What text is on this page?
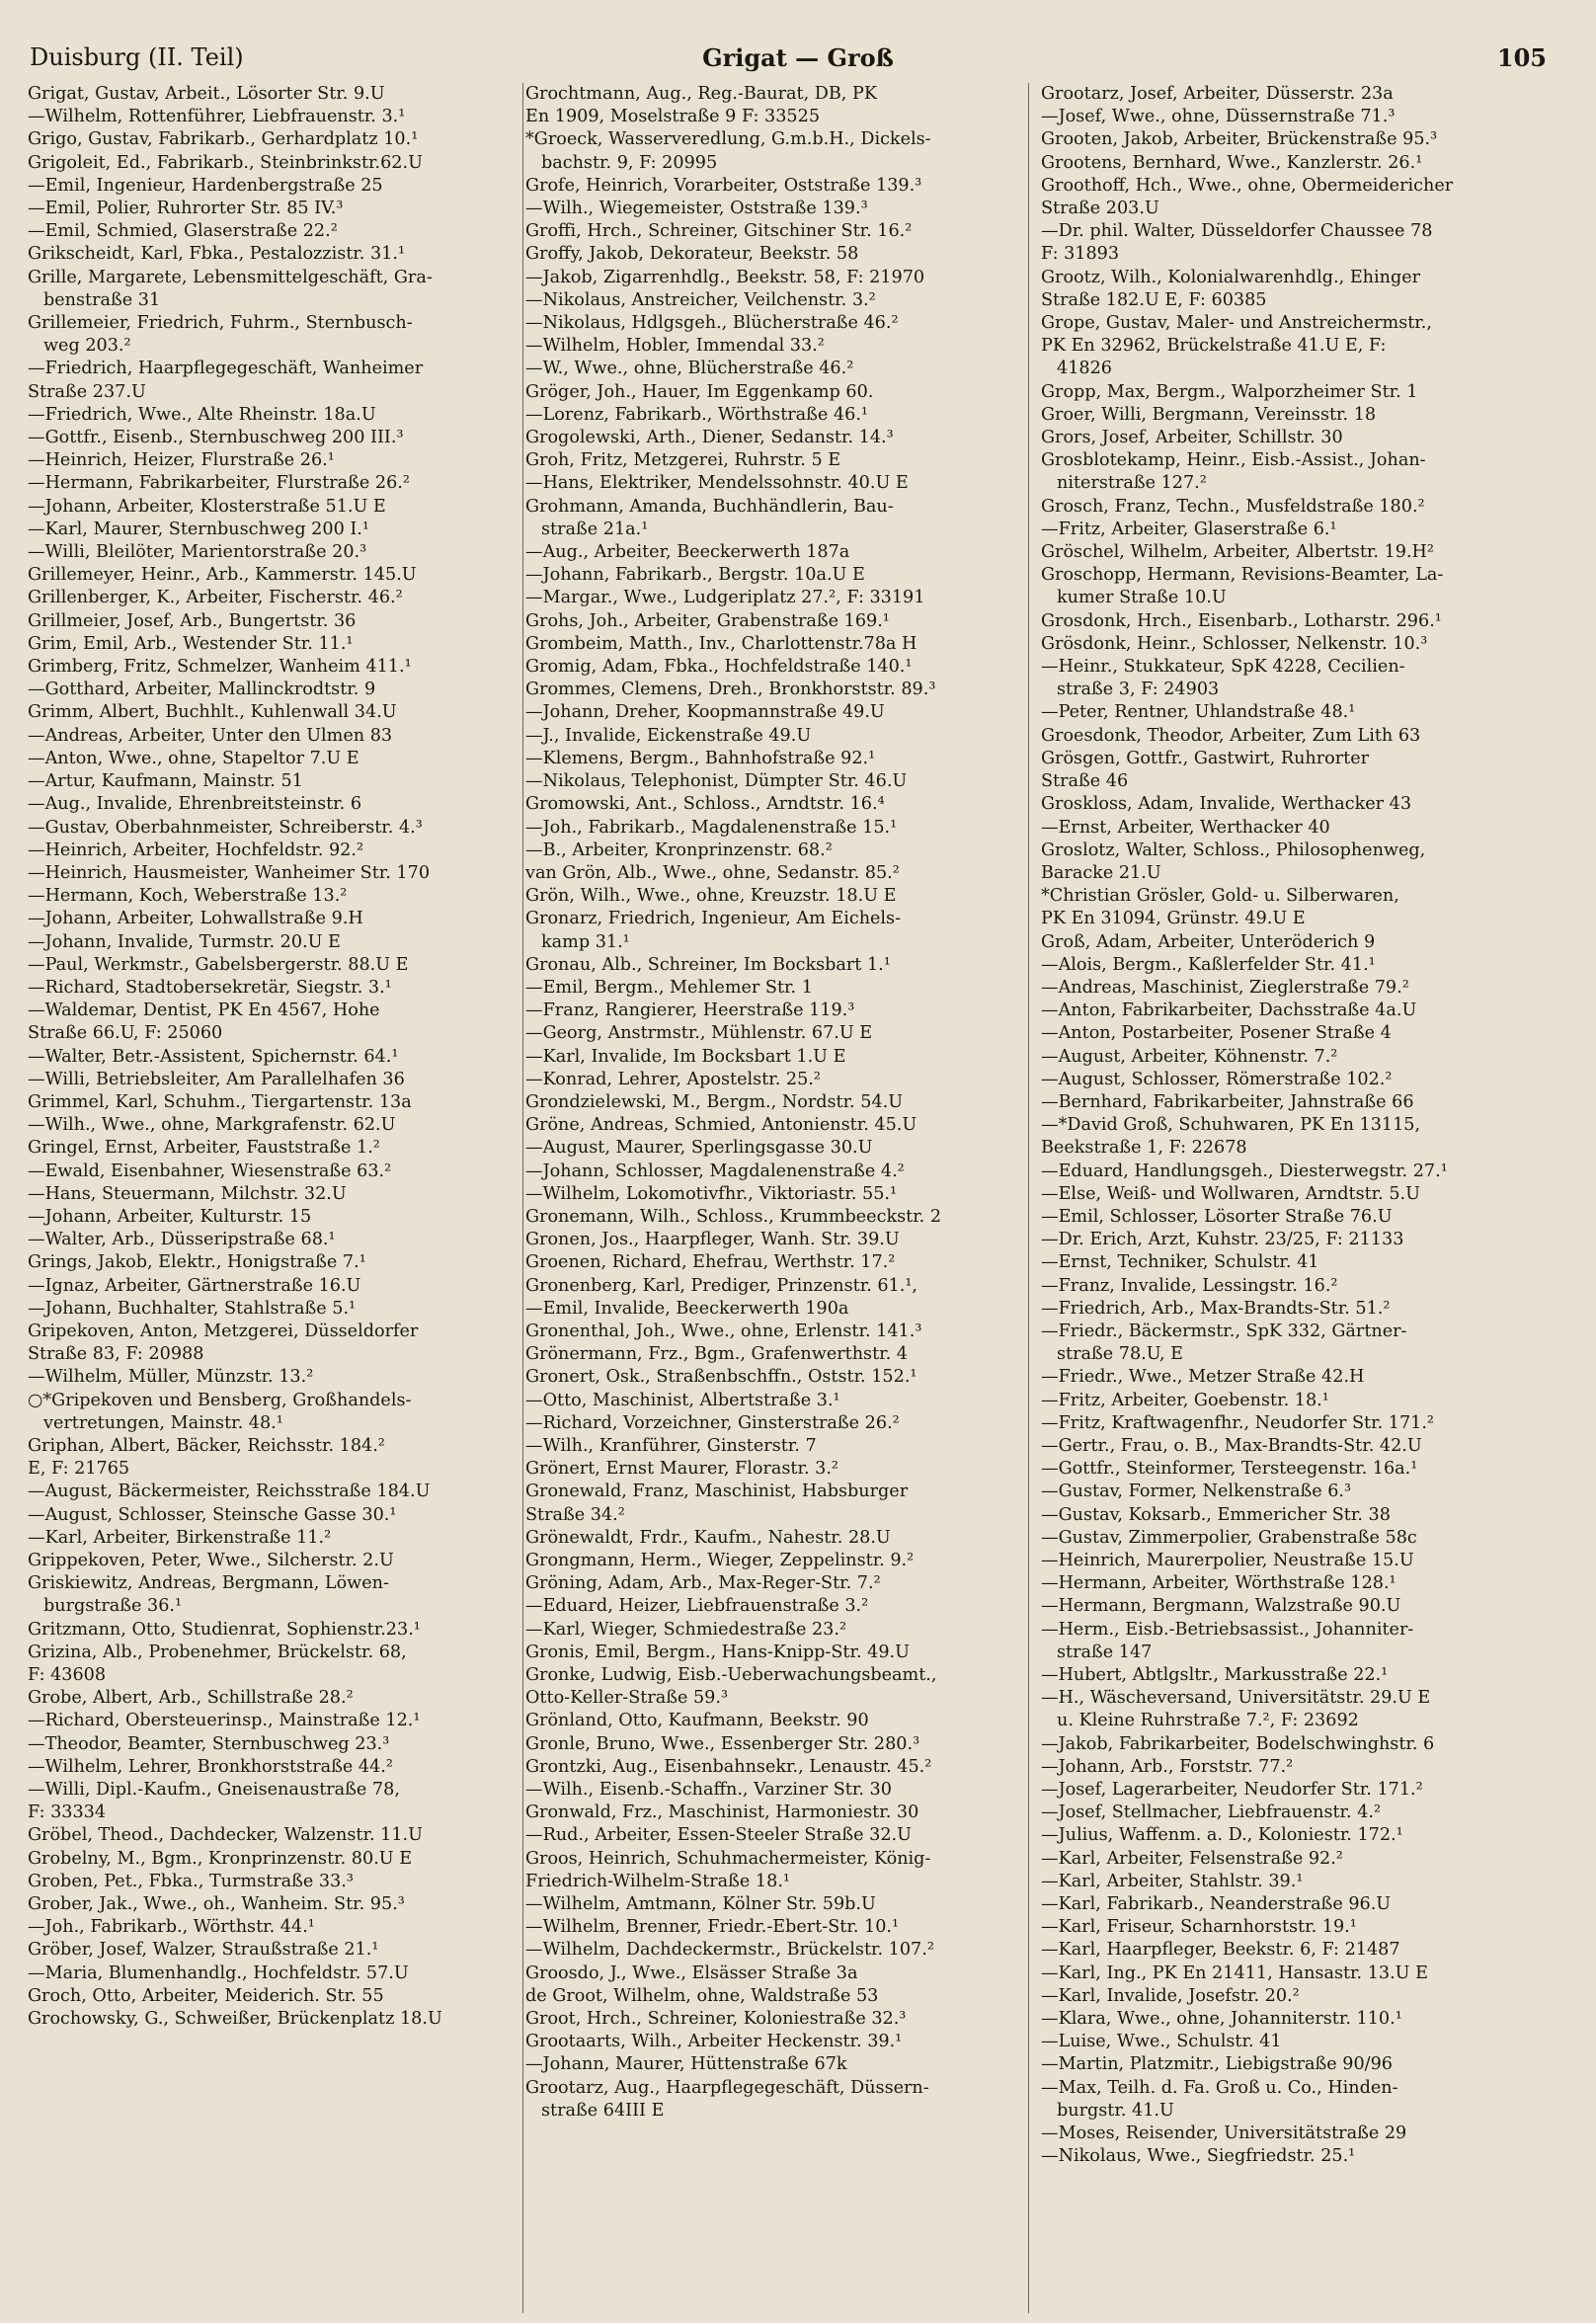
Duisburg (II. Teil)	Grigat — Groß	105
Grigat, Gustav, Arbeit., Lösorter Str. 9.U
—Wilhelm, Rottenführer, Liebfrauenstr. 3.¹
Grigo, Gustav, Fabrikarb., Gerhardplatz 10.¹
Grigoleit, Ed., Fabrikarb., Steinbrinkstr.62.U
—Emil, Ingenieur, Hardenbergstraße 25
—Emil, Polier, Ruhrorter Str. 85 IV.³
—Emil, Schmied, Glaserstraße 22.²
Grikscheidt, Karl, Fbka., Pestalozzistr. 31.¹
Grille, Margarete, Lebensmittelgeschäft, Gra-
benstraße 31
Grillemeier, Friedrich, Fuhrm., Sternbusch-
weg 203.²
—Friedrich, Haarpflegegeschäft, Wanheimer
Straße 237.U
—Friedrich, Wwe., Alte Rheinstr. 18a.U
—Gottfr., Eisenb., Sternbuschweg 200 III.³
—Heinrich, Heizer, Flurstraße 26.¹
—Hermann, Fabrikarbeiter, Flurstraße 26.²
—Johann, Arbeiter, Klosterstraße 51.U E
—Karl, Maurer, Sternbuschweg 200 I.¹
—Willi, Bleilöter, Marientorstraße 20.³
Grillemeyer, Heinr., Arb., Kammerstr. 145.U
Grillenberger, K., Arbeiter, Fischerstr. 46.²
Grillmeier, Josef, Arb., Bungertstr. 36
Grim, Emil, Arb., Westender Str. 11.¹
Grimberg, Fritz, Schmelzer, Wanheim 411.¹
—Gotthard, Arbeiter, Mallinckrodtstr. 9
Grimm, Albert, Buchhlt., Kuhlenwall 34.U
—Andreas, Arbeiter, Unter den Ulmen 83
—Anton, Wwe., ohne, Stapeltor 7.U E
—Artur, Kaufmann, Mainstr. 51
—Aug., Invalide, Ehrenbreitsteinstr. 6
—Gustav, Oberbahnmeister, Schreiberstr. 4.³
—Heinrich, Arbeiter, Hochfeldstr. 92.²
—Heinrich, Hausmeister, Wanheimer Str. 170
—Hermann, Koch, Weberstraße 13.²
—Johann, Arbeiter, Lohwallstraße 9.H
—Johann, Invalide, Turmstr. 20.U E
—Paul, Werkmstr., Gabelsbergerstr. 88.U E
—Richard, Stadtobersekretär, Siegstr. 3.¹
—Waldemar, Dentist, PK En 4567, Hohe
Straße 66.U, F: 25060
—Walter, Betr.-Assistent, Spichernstr. 64.¹
—Willi, Betriebsleiter, Am Parallelhafen 36
Grimmel, Karl, Schuhm., Tiergartenstr. 13a
—Wilh., Wwe., ohne, Markgrafenstr. 62.U
Gringel, Ernst, Arbeiter, Fauststraße 1.²
—Ewald, Eisenbahner, Wiesenstraße 63.²
—Hans, Steuermann, Milchstr. 32.U
—Johann, Arbeiter, Kulturstr. 15
—Walter, Arb., Düsseriрstraße 68.¹
Grings, Jakob, Elektr., Honigstraße 7.¹
—Ignaz, Arbeiter, Gärtnerstraße 16.U
—Johann, Buchhalter, Stahlstraße 5.¹
Gripekoven, Anton, Metzgerei, Düsseldorfer
Straße 83, F: 20988
—Wilhelm, Müller, Münzstr. 13.²
○*Gripekoven und Bensberg, Großhandels-
vertretungen, Mainstr. 48.¹
Griphan, Albert, Bäcker, Reichsstr. 184.²
E, F: 21765
—August, Bäckermeister, Reichsstraße 184.U
—August, Schlosser, Steinsche Gasse 30.¹
—Karl, Arbeiter, Birkenstraße 11.²
Grippekoven, Peter, Wwe., Silcherstr. 2.U
Griskiewitz, Andreas, Bergmann, Löwen-
burgstraße 36.¹
Gritzmann, Otto, Studienrat, Sophienstr.23.¹
Grizina, Alb., Probenehmer, Brückelstr. 68,
F: 43608
Grobe, Albert, Arb., Schillstraße 28.²
—Richard, Obersteuerinsp., Mainstraße 12.¹
—Theodor, Beamter, Sternbuschweg 23.³
—Wilhelm, Lehrer, Bronkhorststraße 44.²
—Willi, Dipl.-Kaufm., Gneisenaustraße 78,
F: 33334
Gröbel, Theod., Dachdecker, Walzenstr. 11.U
Grobelny, M., Bgm., Kronprinzenstr. 80.U E
Groben, Pet., Fbka., Turmstraße 33.³
Grober, Jak., Wwe., oh., Wanheim. Str. 95.³
—Joh., Fabrikarb., Wörthstr. 44.¹
Gröber, Josef, Walzer, Straußstraße 21.¹
—Maria, Blumenhandlg., Hochfeldstr. 57.U
Groch, Otto, Arbeiter, Meiderich. Str. 55
Grochowsky, G., Schweißer, Brückenplatz 18.U
Grochtmann, Aug., Reg.-Baurat, DB, PK
En 1909, Moselstraße 9 F: 33525
*Groeck, Wasserveredlung, G.m.b.H., Dickels-
bachstr. 9, F: 20995
Grofe, Heinrich, Vorarbeiter, Oststraße 139.³
—Wilh., Wiegemeister, Oststraße 139.³
Groffi, Hrch., Schreiner, Gitschiner Str. 16.²
Groffy, Jakob, Dekorateur, Beekstr. 58
—Jakob, Zigarrenhdlg., Beekstr. 58, F: 21970
—Nikolaus, Anstreicher, Veilchenstr. 3.²
—Nikolaus, Hdlgsgeh., Blücherstraße 46.²
—Wilhelm, Hobler, Immendal 33.²
—W., Wwe., ohne, Blücherstraße 46.²
Gröger, Joh., Hauer, Im Eggenkamp 60.
—Lorenz, Fabrikarb., Wörthstraße 46.¹
Grogolewski, Arth., Diener, Sedanstr. 14.³
Groh, Fritz, Metzgerei, Ruhrstr. 5 E
—Hans, Elektriker, Mendelssohnstr. 40.U E
Grohmann, Amanda, Buchhändlerin, Bau-
straße 21a.¹
—Aug., Arbeiter, Beeckerwerth 187a
—Johann, Fabrikarb., Bergstr. 10a.U E
—Margar., Wwe., Ludgeriplatz 27.², F: 33191
Grohs, Joh., Arbeiter, Grabenstraße 169.¹
Grombeim, Matth., Inv., Charlottenstr.78a H
Gromig, Adam, Fbka., Hochfeldstraße 140.¹
Grommes, Clemens, Dreh., Bronkhorststr. 89.³
—Johann, Dreher, Koopmannstraße 49.U
—J., Invalide, Eickenstraße 49.U
—Klemens, Bergm., Bahnhofstraße 92.¹
—Nikolaus, Telephonist, Dümpter Str. 46.U
Gromowski, Ant., Schloss., Arndtstr. 16.⁴
—Joh., Fabrikarb., Magdalenenstraße 15.¹
—B., Arbeiter, Kronprinzenstr. 68.²
van Grön, Alb., Wwe., ohne, Sedanstr. 85.²
Grön, Wilh., Wwe., ohne, Kreuzstr. 18.U E
Gronarz, Friedrich, Ingenieur, Am Eichels-
kamp 31.¹
Gronau, Alb., Schreiner, Im Bocksbart 1.¹
—Emil, Bergm., Mehlemer Str. 1
—Franz, Rangierer, Heerstraße 119.³
—Georg, Anstrmstr., Mühlenstr. 67.U E
—Karl, Invalide, Im Bocksbart 1.U E
—Konrad, Lehrer, Apostelstr. 25.²
Grondzielewski, M., Bergm., Nordstr. 54.U
Gröne, Andreas, Schmied, Antonienstr. 45.U
—August, Maurer, Sperlingsgasse 30.U
—Johann, Schlosser, Magdalenenstraße 4.²
—Wilhelm, Lokomotivfhr., Viktoriastr. 55.¹
Gronemann, Wilh., Schloss., Krummbeeckstr. 2
Gronen, Jos., Haarpfleger, Wanh. Str. 39.U
Groenen, Richard, Ehefrau, Werthstr. 17.²
Gronenberg, Karl, Prediger, Prinzenstr. 61.¹,
—Emil, Invalide, Beeckerwerth 190a
Gronenthal, Joh., Wwe., ohne, Erlenstr. 141.³
Grönermann, Frz., Bgm., Grafenwerthstr. 4
Gronert, Osk., Straßenbschffn., Oststr. 152.¹
—Otto, Maschinist, Albertstraße 3.¹
—Richard, Vorzeichner, Ginsterstraße 26.²
—Wilh., Kranführer, Ginsterstr. 7
Grönert, Ernst Maurer, Florastr. 3.²
Gronewald, Franz, Maschinist, Habsburger
Straße 34.²
Grönewaldt, Frdr., Kaufm., Nahestr. 28.U
Grongmann, Herm., Wieger, Zeppelinstr. 9.²
Gröning, Adam, Arb., Max-Reger-Str. 7.²
—Eduard, Heizer, Liebfrauenstraße 3.²
—Karl, Wieger, Schmiedestraße 23.²
Gronis, Emil, Bergm., Hans-Knipp-Str. 49.U
Gronke, Ludwig, Eisb.-Ueberwachungsbeamt.,
Otto-Keller-Straße 59.³
Grönland, Otto, Kaufmann, Beekstr. 90
Gronle, Bruno, Wwe., Essenberger Str. 280.³
Grontzki, Aug., Eisenbahnsekr., Lenaustr. 45.²
—Wilh., Eisenb.-Schaffn., Varziner Str. 30
Gronwald, Frz., Maschinist, Harmoniestr. 30
—Rud., Arbeiter, Essen-Steeler Straße 32.U
Groos, Heinrich, Schuhmachermeister, König-
Friedrich-Wilhelm-Straße 18.¹
—Wilhelm, Amtmann, Kölner Str. 59b.U
—Wilhelm, Brenner, Friedr.-Ebert-Str. 10.¹
—Wilhelm, Dachdeckermstr., Brückelstr. 107.²
Groosdo, J., Wwe., Elsässer Straße 3a
de Groot, Wilhelm, ohne, Waldstraße 53
Groot, Hrch., Schreiner, Koloniestraße 32.³
Grootaarts, Wilh., Arbeiter Heckenstr. 39.¹
—Johann, Maurer, Hüttenstraße 67k
Grootarz, Aug., Haarpflegegeschäft, Düssern-
straße 64III E
Grootarz, Josef, Arbeiter, Düsserstr. 23a
—Josef, Wwe., ohne, Düssernstraße 71.³
Grooten, Jakob, Arbeiter, Brückenstraße 95.³
Grootens, Bernhard, Wwe., Kanzlerstr. 26.¹
Groothoff, Hch., Wwe., ohne, Obermeidericher
Straße 203.U
—Dr. phil. Walter, Düsseldorfer Chaussee 78
F: 31893
Grootz, Wilh., Kolonialwarenhdlg., Ehinger
Straße 182.U E, F: 60385
Grope, Gustav, Maler- und Anstreichermstr.,
PK En 32962, Brückelstraße 41.U E, F:
41826
Gropp, Max, Bergm., Walporzheimer Str. 1
Groer, Willi, Bergmann, Vereinsstr. 18
Grors, Josef, Arbeiter, Schillstr. 30
Grosblotekamp, Heinr., Eisb.-Assist., Johan-
niterstraße 127.²
Grosch, Franz, Techn., Musfeldstraße 180.²
—Fritz, Arbeiter, Glaserstraße 6.¹
Gröschel, Wilhelm, Arbeiter, Albertstr. 19.H²
Groschopp, Hermann, Revisions-Beamter, La-
kumer Straße 10.U
Grosdonk, Hrch., Eisenbarb., Lotharstr. 296.¹
Grösdonk, Heinr., Schlosser, Nelkenstr. 10.³
—Heinr., Stukkateur, SpK 4228, Cecilien-
straße 3, F: 24903
—Peter, Rentner, Uhlandstraße 48.¹
Groesdonk, Theodor, Arbeiter, Zum Lith 63
Grösgen, Gottfr., Gastwirt, Ruhrorter
Straße 46
Groskloss, Adam, Invalide, Werthacker 43
—Ernst, Arbeiter, Werthacker 40
Groslotz, Walter, Schloss., Philosophenweg,
Baracke 21.U
*Christian Grösler, Gold- u. Silberwaren,
PK En 31094, Grünstr. 49.U E
Groß, Adam, Arbeiter, Unteröderich 9
—Alois, Bergm., Kaßlerfelder Str. 41.¹
—Andreas, Maschinist, Zieglerstraße 79.²
—Anton, Fabrikarbeiter, Dachsstraße 4a.U
—Anton, Postarbeiter, Posener Straße 4
—August, Arbeiter, Köhnenstr. 7.²
—August, Schlosser, Römerstraße 102.²
—Bernhard, Fabrikarbeiter, Jahnstraße 66
—*David Groß, Schuhwaren, PK En 13115,
Beekstraße 1, F: 22678
—Eduard, Handlungsgeh., Diesterwegstr. 27.¹
—Else, Weiß- und Wollwaren, Arndtstr. 5.U
—Emil, Schlosser, Lösorter Straße 76.U
—Dr. Erich, Arzt, Kuhstr. 23/25, F: 21133
—Ernst, Techniker, Schulstr. 41
—Franz, Invalide, Lessingstr. 16.²
—Friedrich, Arb., Max-Brandts-Str. 51.²
—Friedr., Bäckermstr., SpK 332, Gärtner-
straße 78.U, E
—Friedr., Wwe., Metzer Straße 42.H
—Fritz, Arbeiter, Goebenstr. 18.¹
—Fritz, Kraftwagenfhr., Neudorfer Str. 171.²
—Gertr., Frau, o. B., Max-Brandts-Str. 42.U
—Gottfr., Steinformer, Tersteegenstr. 16a.¹
—Gustav, Former, Nelkenstraße 6.³
—Gustav, Koksarb., Emmericher Str. 38
—Gustav, Zimmerpolier, Grabenstraße 58c
—Heinrich, Maurerpolier, Neustraße 15.U
—Hermann, Arbeiter, Wörthstraße 128.¹
—Hermann, Bergmann, Walzstraße 90.U
—Herm., Eisb.-Betriebsassist., Johanniter-
straße 147
—Hubert, Abtlgsltr., Markusstraße 22.¹
—H., Wäscheversand, Universitätstr. 29.U E
u. Kleine Ruhrstraße 7.², F: 23692
—Jakob, Fabrikarbeiter, Bodelschwinghstr. 6
—Johann, Arb., Forststr. 77.²
—Josef, Lagerarbeiter, Neudorfer Str. 171.²
—Josef, Stellmacher, Liebfrauenstr. 4.²
—Julius, Waffenm. a. D., Koloniestr. 172.¹
—Karl, Arbeiter, Felsenstraße 92.²
—Karl, Arbeiter, Stahlstr. 39.¹
—Karl, Fabrikarb., Neanderstraße 96.U
—Karl, Friseur, Scharnhorststr. 19.¹
—Karl, Haarpfleger, Beekstr. 6, F: 21487
—Karl, Ing., PK En 21411, Hansastr. 13.U E
—Karl, Invalide, Josefstr. 20.²
—Klara, Wwe., ohne, Johanniterstr. 110.¹
—Luise, Wwe., Schulstr. 41
—Martin, Platzmitr., Liebigstraße 90/96
—Max, Teilh. d. Fa. Groß u. Co., Hinden-
burgstr. 41.U
—Moses, Reisender, Universitätstraße 29
—Nikolaus, Wwe., Siegfriedstr. 25.¹
